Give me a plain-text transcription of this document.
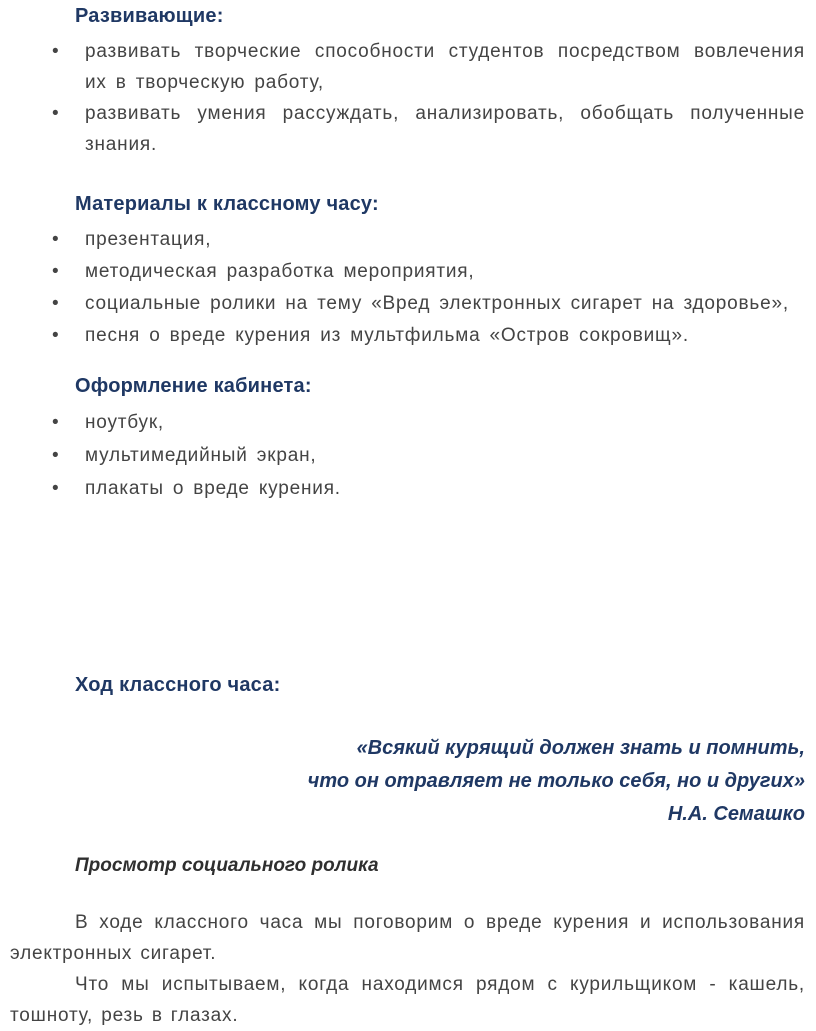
Развивающие:
• развивать творческие способности студентов посредством вовлечения их в творческую работу,
• развивать умения рассуждать, анализировать, обобщать полученные знания.
Материалы к классному часу:
• презентация,
• методическая разработка мероприятия,
• социальные ролики на тему «Вред электронных сигарет на здоровье»,
• песня о вреде курения из мультфильма «Остров сокровищ».
Оформление кабинета:
• ноутбук,
• мультимедийный экран,
• плакаты о вреде курения.
Ход классного часа:
«Всякий курящий должен знать и помнить,
что он отравляет не только себя, но и других»
Н.А. Семашко
Просмотр социального ролика

В ходе классного часа мы поговорим о вреде курения и использования электронных сигарет.

Что мы испытываем, когда находимся рядом с курильщиком - кашель, тошноту, резь в глазах.
